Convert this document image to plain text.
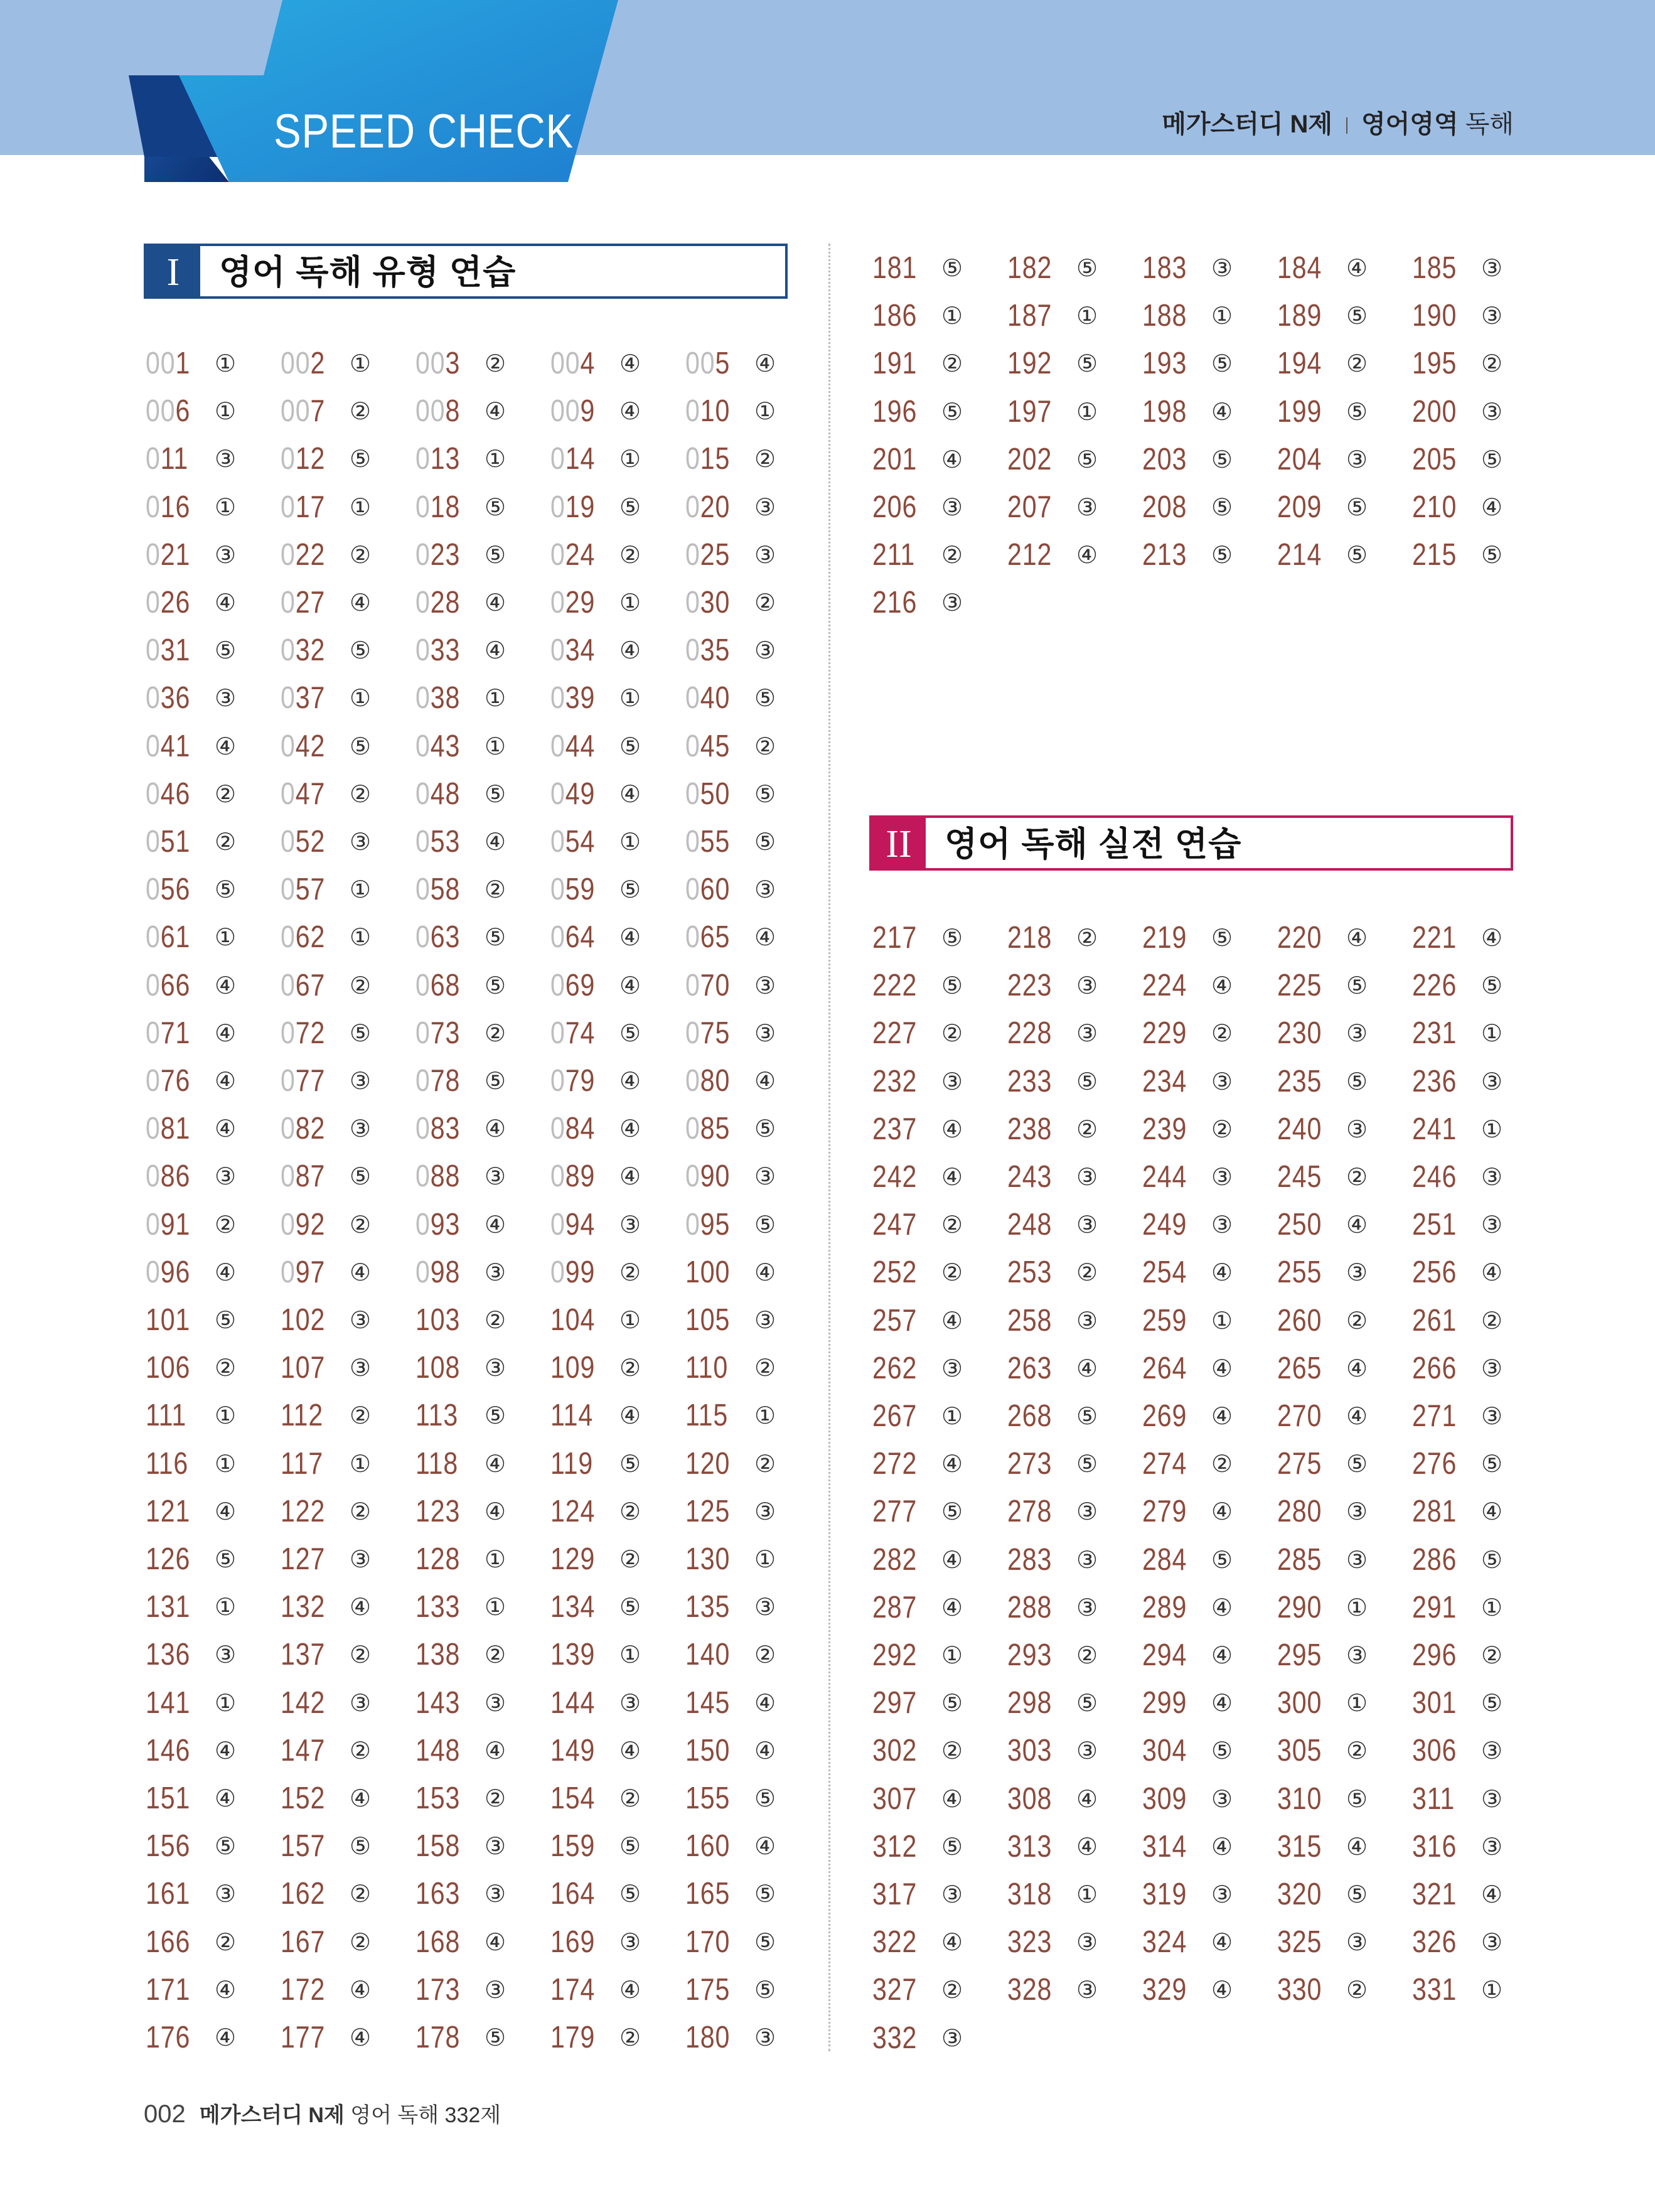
SPEED CHECK	메가스터디 N제 영어영역 독해
I	영어 독해 유형 연습
II 영어 독해 실전 연습
001 ① 002 ① 003 ② 004 ④ 005 ④
006 ① 007 ② 008 ④ 009 ④ 010 ①
011 ③ 012 ⑤ 013 ① 014 ① 015 ②
016 ① 017 ① 018 ⑤ 019 ⑤ 020 ③
021 ③ 022 ② 023 ⑤ 024 ② 025 ③
026 ④ 027 ④ 028 ④ 029 ① 030 ②
031 ⑤ 032 ⑤ 033 ④ 034 ④ 035 ③
036 ③ 037 ① 038 ① 039 ① 040 ⑤
041 ④ 042 ⑤ 043 ① 044 ⑤ 045 ②
046 ② 047 ② 048 ⑤ 049 ④ 050 ⑤
051 ② 052 ③ 053 ④ 054 ① 055 ⑤
056 ⑤ 057 ① 058 ② 059 ⑤ 060 ③
061 ① 062 ① 063 ⑤ 064 ④ 065 ④
066 ④ 067 ② 068 ⑤ 069 ④ 070 ③
071 ④ 072 ⑤ 073 ② 074 ⑤ 075 ③
076 ④ 077 ③ 078 ⑤ 079 ④ 080 ④
081 ④ 082 ③ 083 ④ 084 ④ 085 ⑤
086 ③ 087 ⑤ 088 ③ 089 ④ 090 ③
091 ② 092 ② 093 ④ 094 ③ 095 ⑤
096 ④ 097 ④ 098 ③ 099 ② 100 ④
101 ⑤ 102 ③ 103 ② 104 ① 105 ③
106 ② 107 ③ 108 ③ 109 ② 110 ②
111 ① 112 ② 113 ⑤ 114 ④ 115 ①
116 ① 117 ① 118 ④ 119 ⑤ 120 ②
121 ④ 122 ② 123 ④ 124 ② 125 ③
126 ⑤ 127 ③ 128 ① 129 ② 130 ①
131 ① 132 ④ 133 ① 134 ⑤ 135 ③
136 ③ 137 ② 138 ② 139 ① 140 ②
141 ① 142 ③ 143 ③ 144 ③ 145 ④
146 ④ 147 ② 148 ④ 149 ④ 150 ④
151 ④ 152 ④ 153 ② 154 ② 155 ⑤
156 ⑤ 157 ⑤ 158 ③ 159 ⑤ 160 ④
161 ③ 162 ② 163 ③ 164 ⑤ 165 ⑤
166 ② 167 ② 168 ④ 169 ③ 170 ⑤
171 ④ 172 ④ 173 ③ 174 ④ 175 ⑤
176 ④ 177 ④ 178 ⑤ 179 ② 180 ③
181 ⑤ 182 ⑤ 183 ③ 184 ④ 185 ③
186 ① 187 ① 188 ① 189 ⑤ 190 ③
191 ② 192 ⑤ 193 ⑤ 194 ② 195 ②
196 ⑤ 197 ① 198 ④ 199 ⑤ 200 ③
201 ④ 202 ⑤ 203 ⑤ 204 ③ 205 ⑤
206 ③ 207 ③ 208 ⑤ 209 ⑤ 210 ④
211 ② 212 ④ 213 ⑤ 214 ⑤ 215 ⑤
216 ③
217 ⑤ 218 ② 219 ⑤ 220 ④ 221 ④
222 ⑤ 223 ③ 224 ④ 225 ⑤ 226 ⑤
227 ② 228 ③ 229 ② 230 ③ 231 ①
232 ③ 233 ⑤ 234 ③ 235 ⑤ 236 ③
237 ④ 238 ② 239 ② 240 ③ 241 ①
242 ④ 243 ③ 244 ③ 245 ② 246 ③
247 ② 248 ③ 249 ③ 250 ④ 251 ③
252 ② 253 ② 254 ④ 255 ③ 256 ④
257 ④ 258 ③ 259 ① 260 ② 261 ②
262 ③ 263 ④ 264 ④ 265 ④ 266 ③
267 ① 268 ⑤ 269 ④ 270 ④ 271 ③
272 ④ 273 ⑤ 274 ② 275 ⑤ 276 ⑤
277 ⑤ 278 ③ 279 ④ 280 ③ 281 ④
282 ④ 283 ③ 284 ⑤ 285 ③ 286 ⑤
287 ④ 288 ③ 289 ④ 290 ① 291 ①
292 ① 293 ② 294 ④ 295 ③ 296 ②
297 ⑤ 298 ⑤ 299 ④ 300 ① 301 ⑤
302 ② 303 ③ 304 ⑤ 305 ② 306 ③
307 ④ 308 ④ 309 ③ 310 ⑤ 311 ③
312 ⑤ 313 ④ 314 ④ 315 ④ 316 ③
317 ③ 318 ① 319 ③ 320 ⑤ 321 ④
322 ④ 323 ③ 324 ④ 325 ③ 326 ③
327 ② 328 ③ 329 ④ 330 ② 331 ①
332 ③
002 메가스터디 N제 영어 독해 332제
